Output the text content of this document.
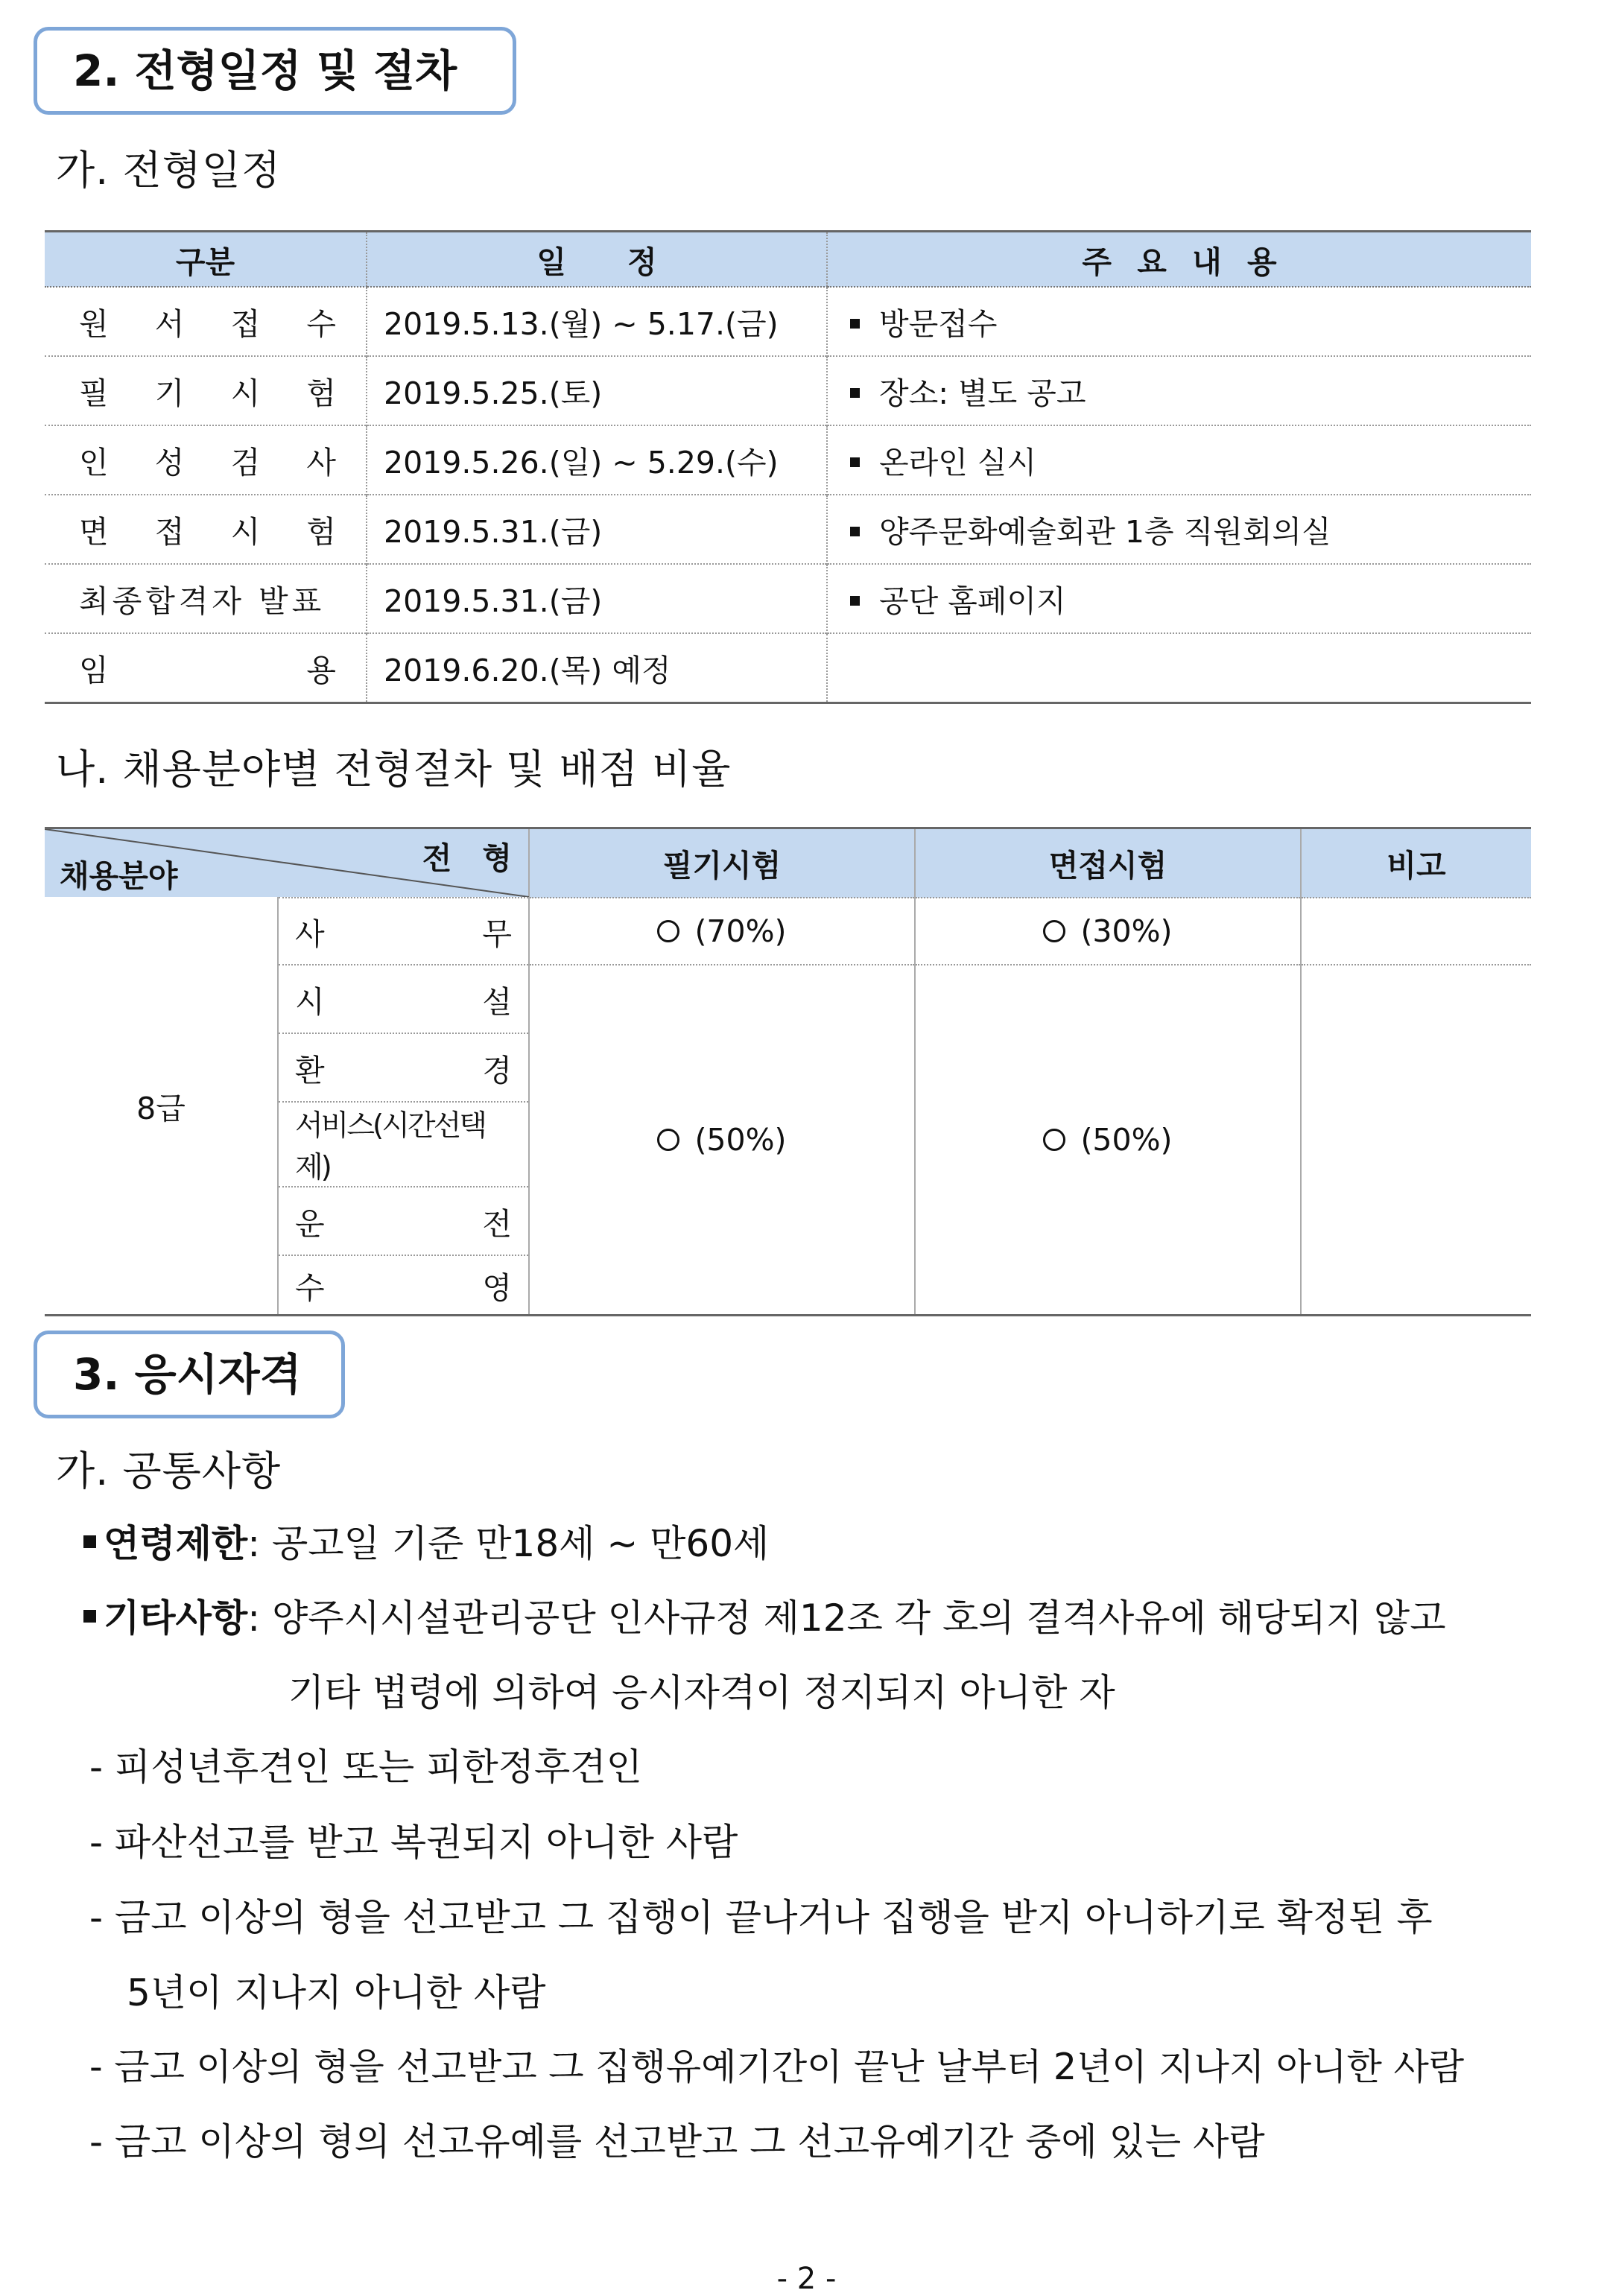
2. 전형일정 및 절차
가. 전형일정
구분	일　　정	주 요 내 용

원 서 접 수	2019.5.13.(월) ~ 5.17.(금)	방문접수

필 기 시 험	2019.5.25.(토)	장소: 별도 공고

인 성 검 사	2019.5.26.(일) ~ 5.29.(수)	온라인 실시

면 접 시 험	2019.5.31.(금)	양주문화예술회관 1층 직원회의실

최종합격자 발표	2019.5.31.(금)	공단 홈페이지

임 용	2019.6.20.(목) 예정	
나. 채용분야별 전형절차 및 배점 비율
전　형
채용분야		필기시험	면접시험	비고
8급	사 무	(70%)	(30%)	

	시 설	(50%)	(50%)	

	환 경			

	서비스(시간선택제)			

	운 전			

	수 영			
3. 응시자격
가. 공통사항
연령제한: 공고일 기준 만18세 ~ 만60세
기타사항: 양주시시설관리공단 인사규정 제12조 각 호의 결격사유에 해당되지 않고
기타 법령에 의하여 응시자격이 정지되지 아니한 자
- 피성년후견인 또는 피한정후견인
- 파산선고를 받고 복권되지 아니한 사람
- 금고 이상의 형을 선고받고 그 집행이 끝나거나 집행을 받지 아니하기로 확정된 후
5년이 지나지 아니한 사람
- 금고 이상의 형을 선고받고 그 집행유예기간이 끝난 날부터 2년이 지나지 아니한 사람
- 금고 이상의 형의 선고유예를 선고받고 그 선고유예기간 중에 있는 사람
- 2 -
